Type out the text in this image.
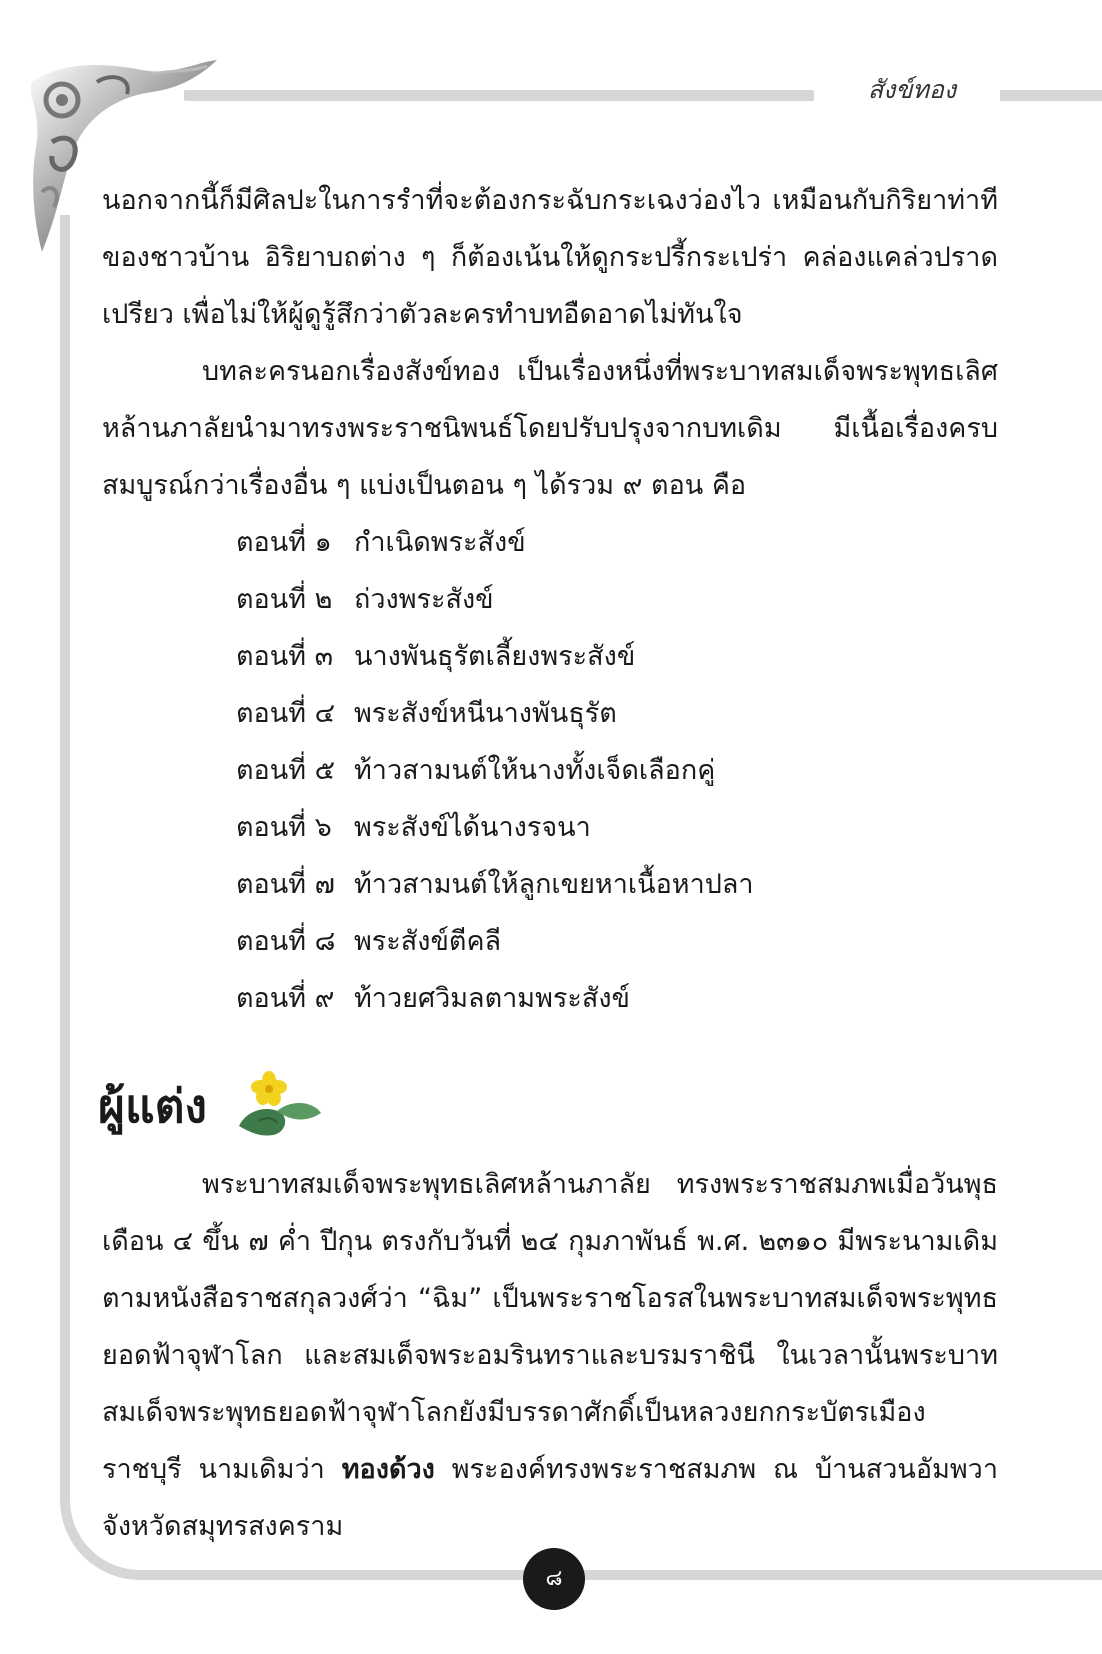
สังข์ทอง

นอกจากนี้ก็มีศิลปะในการรำที่จะต้องกระฉับกระเฉงว่องไว เหมือนกับกิริยาท่าทีของชาวบ้าน อิริยาบถต่าง ๆ ก็ต้องเน้นให้ดูกระปรี้กระเปร่า คล่องแคล่วปราดเปรียว เพื่อไม่ให้ผู้ดูรู้สึกว่าตัวละครทำบทอืดอาดไม่ทันใจ

บทละครนอกเรื่องสังข์ทอง เป็นเรื่องหนึ่งที่พระบาทสมเด็จพระพุทธเลิศหล้านภาลัยนำมาทรงพระราชนิพนธ์โดยปรับปรุงจากบทเดิม มีเนื้อเรื่องครบสมบูรณ์กว่าเรื่องอื่น ๆ แบ่งเป็นตอน ๆ ได้รวม ๙ ตอน คือ

ตอนที่ ๑ กำเนิดพระสังข์
ตอนที่ ๒ ถ่วงพระสังข์
ตอนที่ ๓ นางพันธุรัตเลี้ยงพระสังข์
ตอนที่ ๔ พระสังข์หนีนางพันธุรัต
ตอนที่ ๕ ท้าวสามนต์ให้นางทั้งเจ็ดเลือกคู่
ตอนที่ ๖ พระสังข์ได้นางรจนา
ตอนที่ ๗ ท้าวสามนต์ให้ลูกเขยหาเนื้อหาปลา
ตอนที่ ๘ พระสังข์ตีคลี
ตอนที่ ๙ ท้าวยศวิมลตามพระสังข์
ผู้แต่ง

พระบาทสมเด็จพระพุทธเลิศหล้านภาลัย ทรงพระราชสมภพเมื่อวันพุธ เดือน ๔ ขึ้น ๗ ค่ำ ปีกุน ตรงกับวันที่ ๒๔ กุมภาพันธ์ พ.ศ. ๒๓๑๐ มีพระนามเดิมตามหนังสือราชสกุลวงศ์ว่า “ฉิม” เป็นพระราชโอรสในพระบาทสมเด็จพระพุทธยอดฟ้าจุฬาโลก และสมเด็จพระอมรินทราและบรมราชินี ในเวลานั้นพระบาทสมเด็จพระพุทธยอดฟ้าจุฬาโลกยังมีบรรดาศักดิ์เป็นหลวงยกกระบัตรเมืองราชบุรี นามเดิมว่า ทองด้วง พระองค์ทรงพระราชสมภพ ณ บ้านสวนอัมพวา จังหวัดสมุทรสงคราม

๘
